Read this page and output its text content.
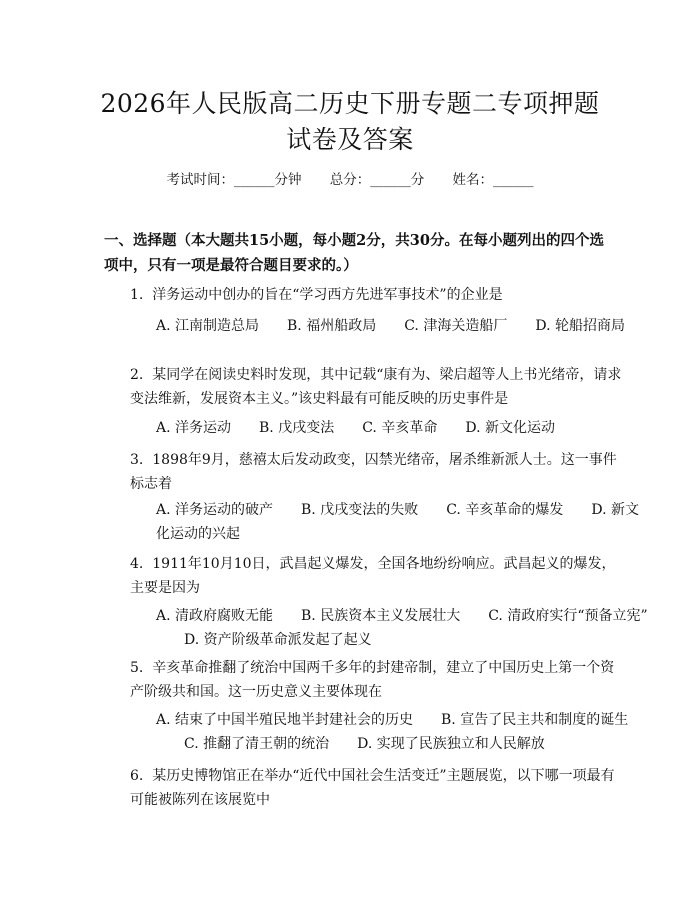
2026年人民版高二历史下册专题二专项押题
试卷及答案
考试时间：______分钟 总分：______分 姓名：______
一、选择题（本大题共15小题，每小题2分，共30分。在每小题列出的四个选项中，只有一项是最符合题目要求的。）
1. 洋务运动中创办的旨在“学习西方先进军事技术”的企业是
A. 江南制造总局 B. 福州船政局 C. 津海关造船厂 D. 轮船招商局
2. 某同学在阅读史料时发现，其中记载“康有为、梁启超等人上书光绪帝，请求变法维新，发展资本主义。”该史料最有可能反映的历史事件是
A. 洋务运动 B. 戊戌变法 C. 辛亥革命 D. 新文化运动
3. 1898年9月，慈禧太后发动政变，囚禁光绪帝，屠杀维新派人士。这一事件标志着
A. 洋务运动的破产 B. 戊戌变法的失败 C. 辛亥革命的爆发 D. 新文化运动的兴起
4. 1911年10月10日，武昌起义爆发，全国各地纷纷响应。武昌起义的爆发，主要是因为
A. 清政府腐败无能 B. 民族资本主义发展壮大 C. 清政府实行“预备立宪”D. 资产阶级革命派发起了起义
5. 辛亥革命推翻了统治中国两千多年的封建帝制，建立了中国历史上第一个资产阶级共和国。这一历史意义主要体现在
A. 结束了中国半殖民地半封建社会的历史 B. 宣告了民主共和制度的诞生C. 推翻了清王朝的统治 D. 实现了民族独立和人民解放
6. 某历史博物馆正在举办“近代中国社会生活变迁”主题展览，以下哪一项最有可能被陈列在该展览中
